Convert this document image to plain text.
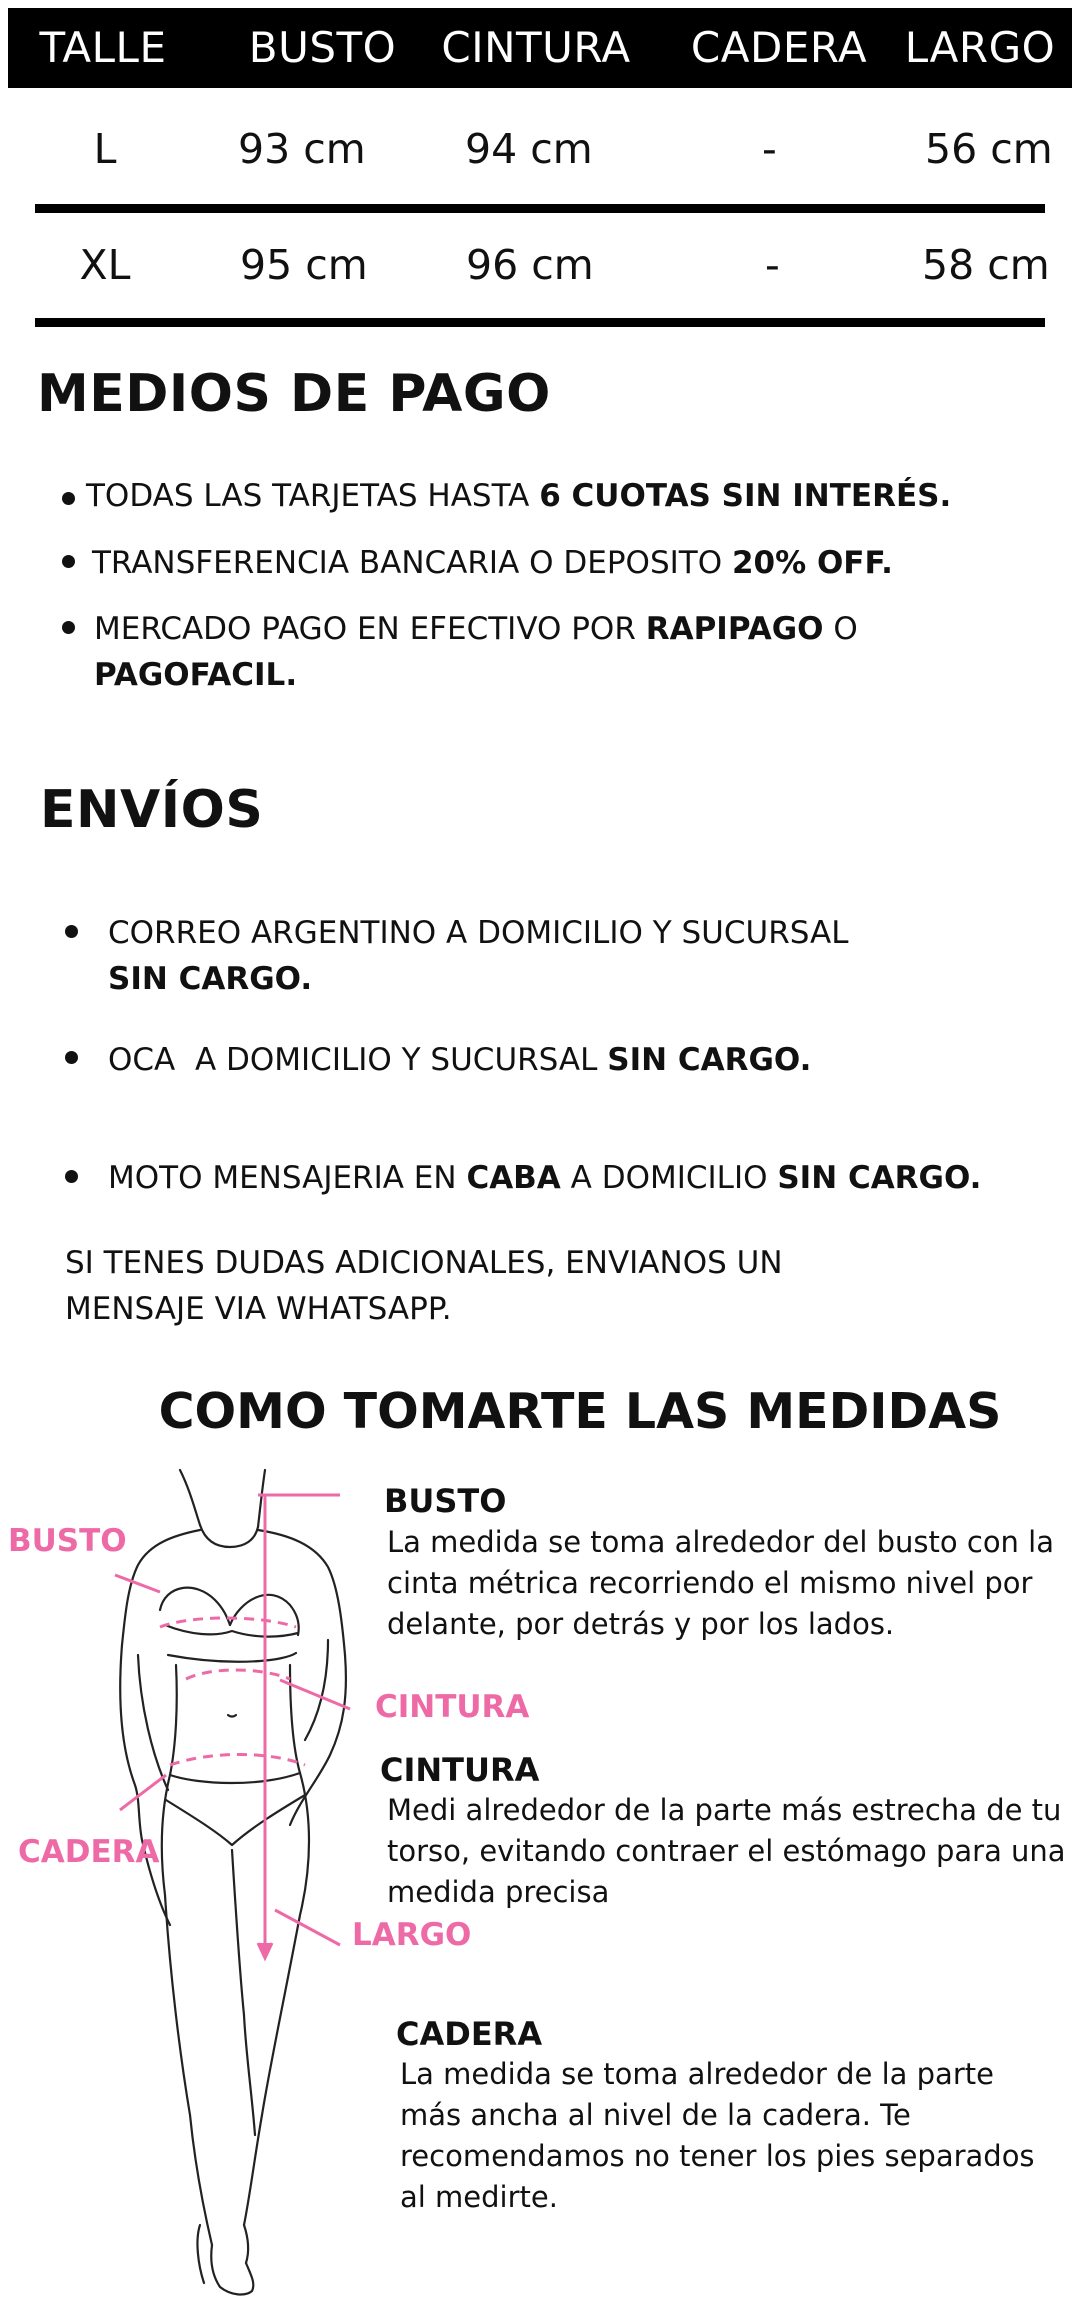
TALLE	BUSTO	CINTURA	CADERA LARGO
L	93 cm 94 cm	-	56 cm
XL	95 cm 96 cm	-	58 cm
MEDIOS DE PAGO
TODAS LAS TARJETAS HASTA 6 CUOTAS SIN INTERÉS.
TRANSFERENCIA BANCARIA O DEPOSITO 20% OFF.
MERCADO PAGO EN EFECTIVO POR RAPIPAGO O
PAGOFACIL.
ENVÍOS
CORREO ARGENTINO A DOMICILIO Y SUCURSAL
SIN CARGO.
OCA  A DOMICILIO Y SUCURSAL SIN CARGO.
MOTO MENSAJERIA EN CABA A DOMICILIO SIN CARGO.
SI TENES DUDAS ADICIONALES, ENVIANOS UN
MENSAJE VIA WHATSAPP.
COMO TOMARTE LAS MEDIDAS
BUSTO
CINTURA
CADERA
LARGO
BUSTO
La medida se toma alrededor del busto con la
cinta métrica recorriendo el mismo nivel por
delante, por detrás y por los lados.
CINTURA
Medi alrededor de la parte más estrecha de tu
torso, evitando contraer el estómago para una
medida precisa
CADERA
La medida se toma alrededor de la parte
más ancha al nivel de la cadera. Te
recomendamos no tener los pies separados
al medirte.
